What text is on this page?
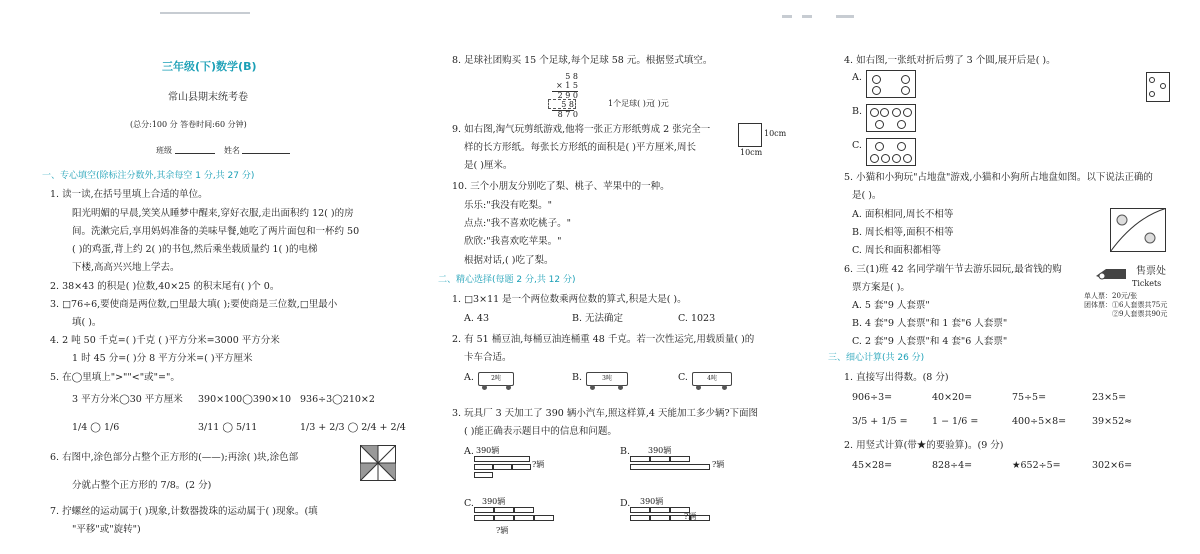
三年级(下)数学(B)
常山县期末统考卷
(总分:100 分 答卷时间:60 分钟)
班级	姓名
一、专心填空(除标注分数外,其余每空 1 分,共 27 分)
1. 读一读,在括号里填上合适的单位。
阳光明媚的早晨,笑笑从睡梦中醒来,穿好衣服,走出面积约 12( )的房
间。洗漱完后,享用妈妈准备的美味早餐,她吃了两片面包和一杯约 50
( )的鸡蛋,背上约 2( )的书包,然后乘坐载质量约 1( )的电梯
下楼,高高兴兴地上学去。
2. 38×43 的积是( )位数,40×25 的积末尾有( )个 0。
3. □76÷6,要使商是两位数,□里最大填( );要使商是三位数,□里最小
填( )。
4. 2 吨 50 千克=( )千克 ( )平方分米=3000 平方分米
1 时 45 分=( )分 8 平方分米=( )平方厘米
5. 在◯里填上">""<"或"="。
3 平方分米◯30 平方厘米 390×100◯390×10 936÷3◯210×2
1/4 ◯ 1/6	3/11 ◯ 5/11	1/3 + 2/3 ◯ 2/4 + 2/4
6. 右图中,涂色部分占整个正方形的(——);再涂( )块,涂色部
分就占整个正方形的 7/8。(2 分)
7. 拧螺丝的运动属于( )现象,计数器拨珠的运动属于( )现象。(填
"平移"或"旋转")
8. 足球社团购买 15 个足球,每个足球 58 元。根据竖式填空。
5 8
× 1 5
2 9 0
5 8
8 7 0
1个足球( )元
( )元
9. 如右图,淘气玩剪纸游戏,他将一张正方形纸剪成 2 张完全一
样的长方形纸。每张长方形纸的面积是( )平方厘米,周长
是( )厘米。
10cm
10cm
10. 三个小朋友分别吃了梨、桃子、苹果中的一种。
乐乐:"我没有吃梨。"
点点:"我不喜欢吃桃子。"
欣欣:"我喜欢吃苹果。"
根据对话,( )吃了梨。
二、精心选择(每题 2 分,共 12 分)
1. □3×11 是一个两位数乘两位数的算式,积是大是( )。
A. 43	B. 无法确定	C. 1023
2. 有 51 桶豆油,每桶豆油连桶重 48 千克。若一次性运完,用载质量( )的
卡车合适。
A.	2吨	B.	3吨	C.	4吨
3. 玩具厂 3 天加工了 390 辆小汽车,照这样算,4 天能加工多少辆?下面图
( )能正确表示题目中的信息和问题。
A. 390辆
?辆
B. 390辆
?辆
C. 390辆
?辆
D. 390辆
?辆
4. 如右图,一张纸对折后剪了 3 个圆,展开后是( )。
A.
B.
C.
5. 小猫和小狗玩"占地盘"游戏,小猫和小狗所占地盘如图。以下说法正确的
是( )。
A. 面积相同,周长不相等
B. 周长相等,面积不相等
C. 周长和面积都相等
6. 三(1)班 42 名同学端午节去游乐园玩,最省钱的购
票方案是( )。
A. 5 套"9 人套票"
B. 4 套"9 人套票"和 1 套"6 人套票"
C. 2 套"9 人套票"和 4 套"6 人套票"
售票处
Tickets
单人票：20元/张
团体票：①6人套票共75元
②9人套票共90元
三、细心计算(共 26 分)
1. 直接写出得数。(8 分)
906÷3=	40×20=	75÷5=	23×5=
3/5 + 1/5 =	1 − 1/6 =	400÷5×8=	39×52≈
2. 用竖式计算(带★的要验算)。(9 分)
45×28=	828÷4=	★652÷5=	302×6=
